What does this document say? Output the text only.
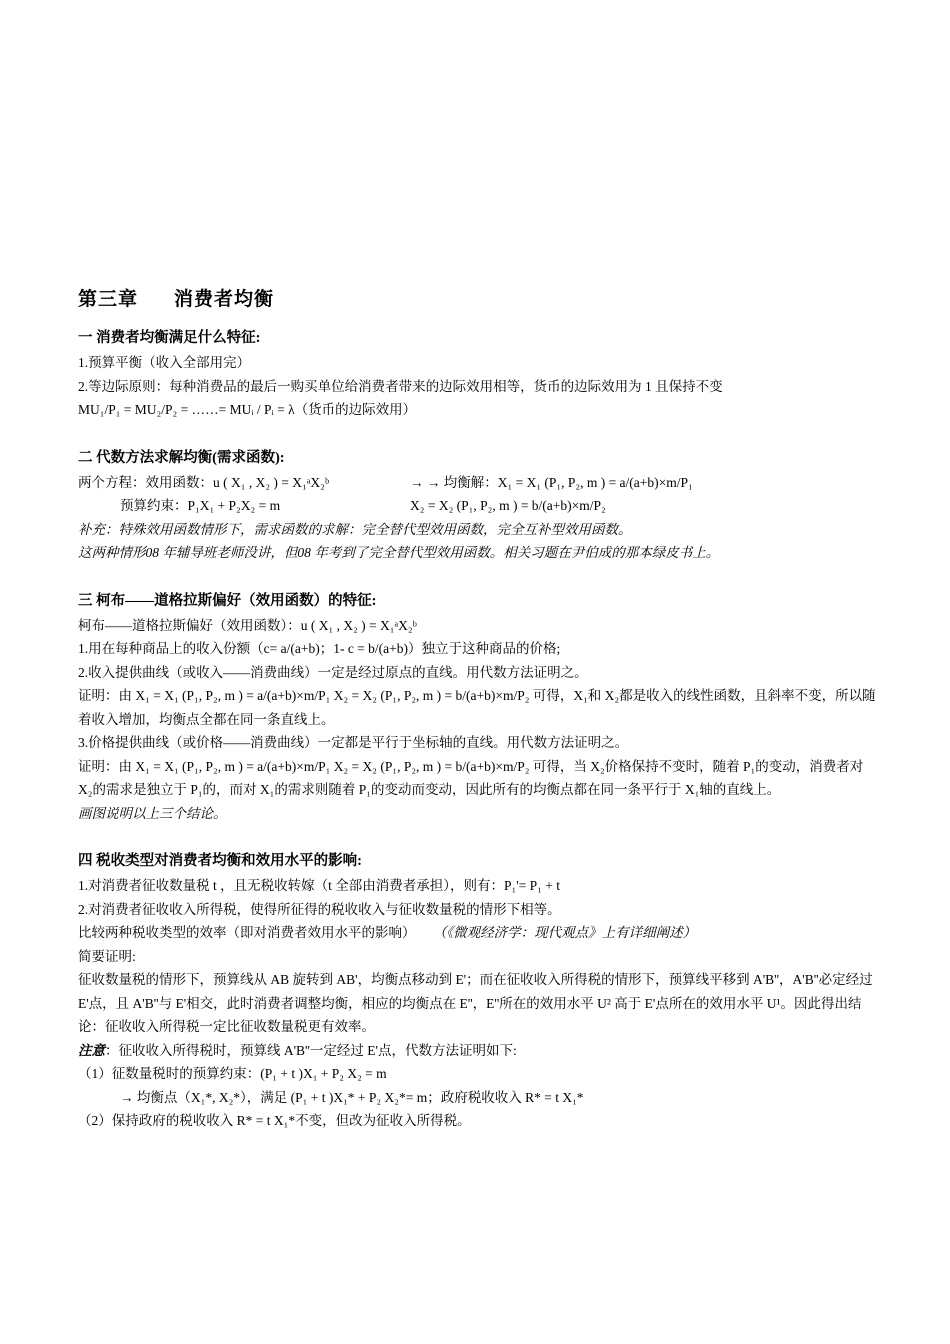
第三章 消费者均衡
一 消费者均衡满足什么特征:
1.预算平衡（收入全部用完）
2.等边际原则：每种消费品的最后一购买单位给消费者带来的边际效用相等，货币的边际效用为 1 且保持不变
MU₁/P₁ = MU₂/P₂ = ……= MUᵢ / Pᵢ = λ（货币的边际效用）
二 代数方法求解均衡(需求函数):
两个方程：效用函数：u ( X₁ , X₂ ) = X₁ᵃX₂ᵇ	→ → 均衡解：X₁ = X₁ (P₁, P₂, m ) = a/(a+b)×m/P₁
预算约束：P₁X₁ + P₂X₂ = m	X₂ = X₂ (P₁, P₂, m ) = b/(a+b)×m/P₂
补充：特殊效用函数情形下，需求函数的求解：完全替代型效用函数，完全互补型效用函数。
这两种情形08 年辅导班老师没讲，但08 年考到了完全替代型效用函数。相关习题在尹伯成的那本绿皮书上。
三 柯布——道格拉斯偏好（效用函数）的特征:
柯布——道格拉斯偏好（效用函数）：u ( X₁ , X₂ ) = X₁ᵃX₂ᵇ
1.用在每种商品上的收入份额（c= a/(a+b)；1- c = b/(a+b)）独立于这种商品的价格;
2.收入提供曲线（或收入——消费曲线）一定是经过原点的直线。用代数方法证明之。
证明：由 X₁ = X₁ (P₁, P₂, m ) = a/(a+b)×m/P₁ X₂ = X₂ (P₁, P₂, m ) = b/(a+b)×m/P₂ 可得，X₁和 X₂都是收入的线性函数，且斜率不变，所以随着收入增加，均衡点全都在同一条直线上。
3.价格提供曲线（或价格——消费曲线）一定都是平行于坐标轴的直线。用代数方法证明之。
证明：由 X₁ = X₁ (P₁, P₂, m ) = a/(a+b)×m/P₁ X₂ = X₂ (P₁, P₂, m ) = b/(a+b)×m/P₂ 可得，当 X₂价格保持不变时，随着 P₁的变动，消费者对 X₂的需求是独立于 P₁的，而对 X₁的需求则随着 P₁的变动而变动，因此所有的均衡点都在同一条平行于 X₁轴的直线上。
画图说明以上三个结论。
四 税收类型对消费者均衡和效用水平的影响:
1.对消费者征收数量税 t ，且无税收转嫁（t 全部由消费者承担），则有：P₁'= P₁ + t
2.对消费者征收收入所得税，使得所征得的税收收入与征收数量税的情形下相等。
比较两种税收类型的效率（即对消费者效用水平的影响） （《微观经济学：现代观点》上有详细阐述）
简要证明:
征收数量税的情形下，预算线从 AB 旋转到 AB'，均衡点移动到 E'；而在征收收入所得税的情形下，预算线平移到 A'B''，A'B''必定经过 E'点，且 A'B''与 E'相交，此时消费者调整均衡，相应的均衡点在 E''，E''所在的效用水平 U² 高于 E'点所在的效用水平 U¹。因此得出结论：征收收入所得税一定比征收数量税更有效率。
注意：征收收入所得税时，预算线 A'B''一定经过 E'点，代数方法证明如下:
（1）征数量税时的预算约束：(P₁ + t )X₁ + P₂ X₂ = m
→ 均衡点（X₁*, X₂*），满足 (P₁ + t )X₁* + P₂ X₂*= m；政府税收收入 R* = t X₁*
（2）保持政府的税收收入 R* = t X₁*不变，但改为征收入所得税。
